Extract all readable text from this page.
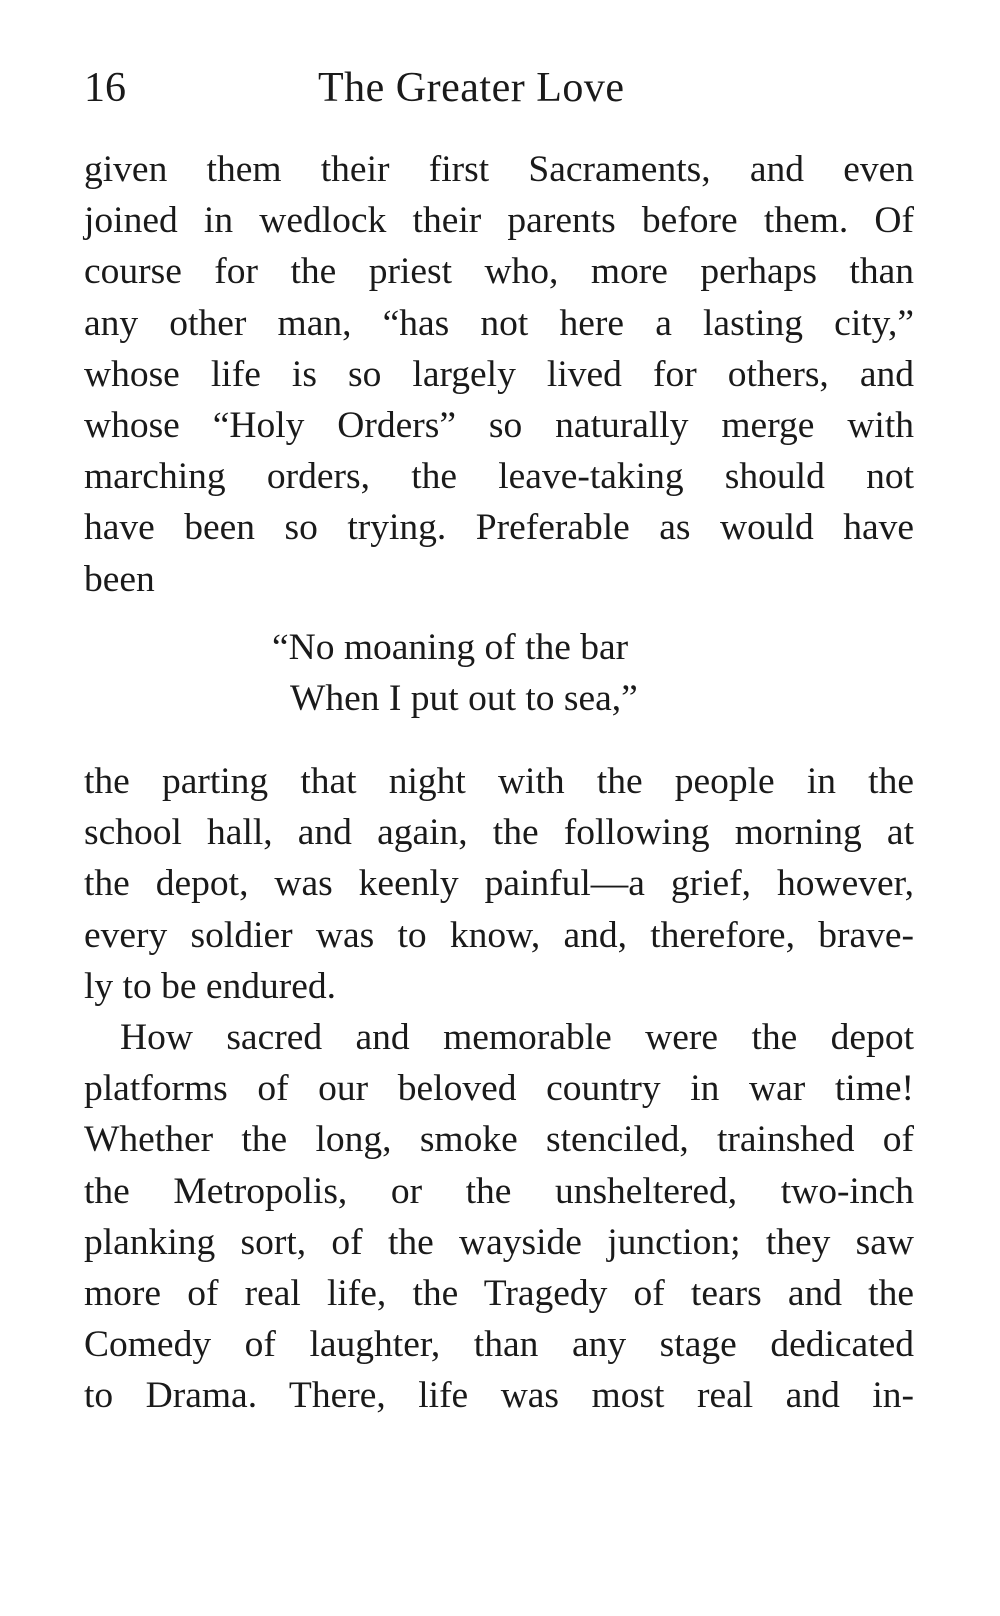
16	The Greater Love

given them their first Sacraments, and even
joined in wedlock their parents before them. Of
course for the priest who, more perhaps than
any other man, “has not here a lasting city,”
whose life is so largely lived for others, and
whose “Holy Orders” so naturally merge with
marching orders, the leave-taking should not
have been so trying. Preferable as would have
been

“No moaning of the bar
When I put out to sea,”

the parting that night with the people in the
school hall, and again, the following morning at
the depot, was keenly painful—a grief, however,
every soldier was to know, and, therefore, brave-
ly to be endured.

How sacred and memorable were the depot
platforms of our beloved country in war time!
Whether the long, smoke stenciled, trainshed of
the Metropolis, or the unsheltered, two-inch
planking sort, of the wayside junction; they saw
more of real life, the Tragedy of tears and the
Comedy of laughter, than any stage dedicated
to Drama. There, life was most real and in-
